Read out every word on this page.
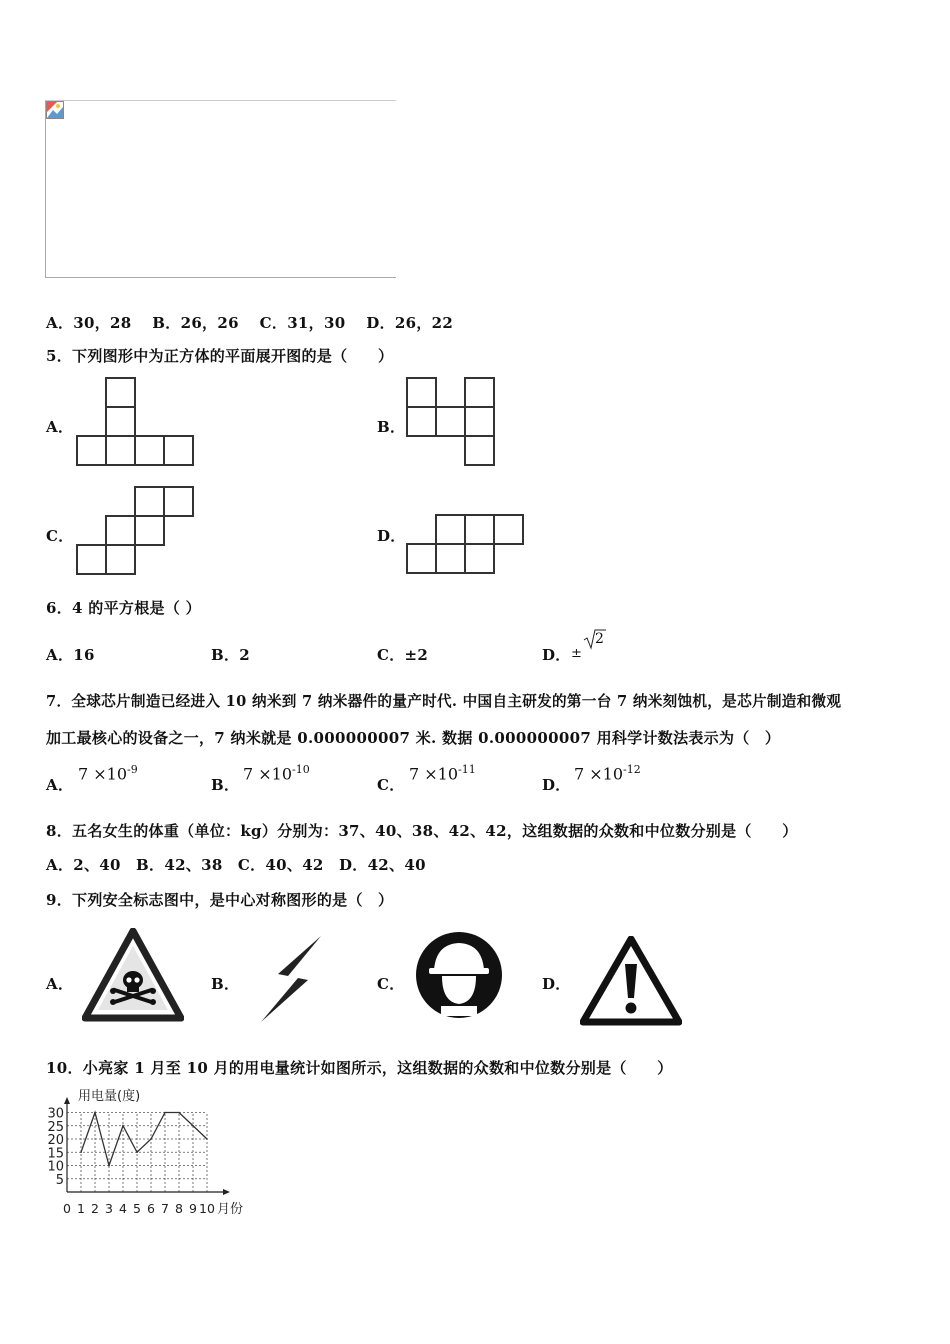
A．30，28　 B．26，26　 C．31，30　 D．26，22
5．下列图形中为正方体的平面展开图的是（　　）
A．	B．
C．	D．
6．4 的平方根是（ ）
A．16	B．2	C．±2	D． ±
2
7．全球芯片制造已经进入 10 纳米到 7 纳米器件的量产时代. 中国自主研发的第一台 7 纳米刻蚀机，是芯片制造和微观
加工最核心的设备之一，7 纳米就是 0.000000007 米. 数据 0.000000007 用科学计数法表示为（　）
A．
$7 \times 10^{-9}$
B．
$7 \times 10^{-10}$
C．
$7 \times 10^{-11}$
D．
$7 \times 10^{-12}$
8．五名女生的体重（单位：kg）分别为：37、40、38、42、42，这组数据的众数和中位数分别是（　　）
A．2、40　B．42、38　C．40、42　D．42、40
9．下列安全标志图中，是中心对称图形的是（　）
A．	B．	C．	D．
10．小亮家 1 月至 10 月的用电量统计如图所示，这组数据的众数和中位数分别是（　　）
用电量(度)
月份
5
10
15
20
25
30
0 1 2 3 4 5 6 7 8 9 10
